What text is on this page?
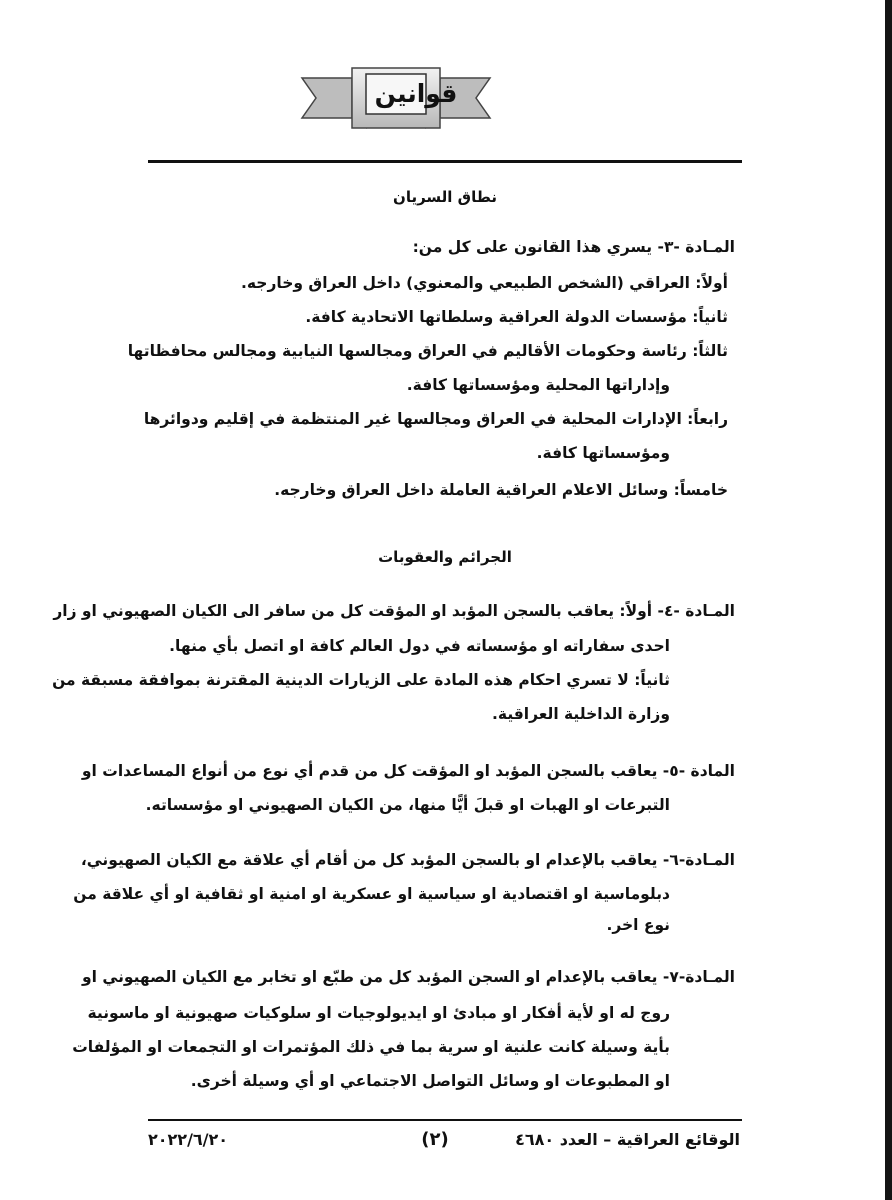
قوانين
نطاق السريان
المـادة -٣- يسري هذا القانون على كل من:
أولاً: العراقي (الشخص الطبيعي والمعنوي) داخل العراق وخارجه.
ثانياً: مؤسسات الدولة العراقية وسلطاتها الاتحادية كافة.
ثالثاً: رئاسة وحكومات الأقاليم في العراق ومجالسها النيابية ومجالس محافظاتها
وإداراتها المحلية ومؤسساتها كافة.
رابعاً: الإدارات المحلية في العراق ومجالسها غير المنتظمة في إقليم ودوائرها
ومؤسساتها كافة.
خامساً: وسائل الاعلام العراقية العاملة داخل العراق وخارجه.
الجرائم والعقوبات
المـادة -٤- أولاً: يعاقب بالسجن المؤبد او المؤقت كل من سافر الى الكيان الصهيوني او زار
احدى سفاراته او مؤسساته في دول العالم كافة او اتصل بأي منها.
ثانياً: لا تسري احكام هذه المادة على الزيارات الدينية المقترنة بموافقة مسبقة من
وزارة الداخلية العراقية.
المادة -٥- يعاقب بالسجن المؤبد او المؤقت كل من قدم أي نوع من أنواع المساعدات او
التبرعات او الهبات او قبلَ أيًّا منها، من الكيان الصهيوني او مؤسساته.
المـادة-٦- يعاقب بالإعدام او بالسجن المؤبد كل من أقام أي علاقة مع الكيان الصهيوني،
دبلوماسية او اقتصادية او سياسية او عسكرية او امنية او ثقافية او أي علاقة من
نوع اخر.
المـادة-٧- يعاقب بالإعدام او السجن المؤبد كل من طبّع او تخابر مع الكيان الصهيوني او
روج له او لأية أفكار او مبادئ او ايديولوجيات او سلوكيات صهيونية او ماسونية
بأية وسيلة كانت علنية او سرية بما في ذلك المؤتمرات او التجمعات او المؤلفات
او المطبوعات او وسائل التواصل الاجتماعي او أي وسيلة أخرى.
الوقائع العراقية – العدد ٤٦٨٠
(٢)
٢٠٢٢/٦/٢٠
